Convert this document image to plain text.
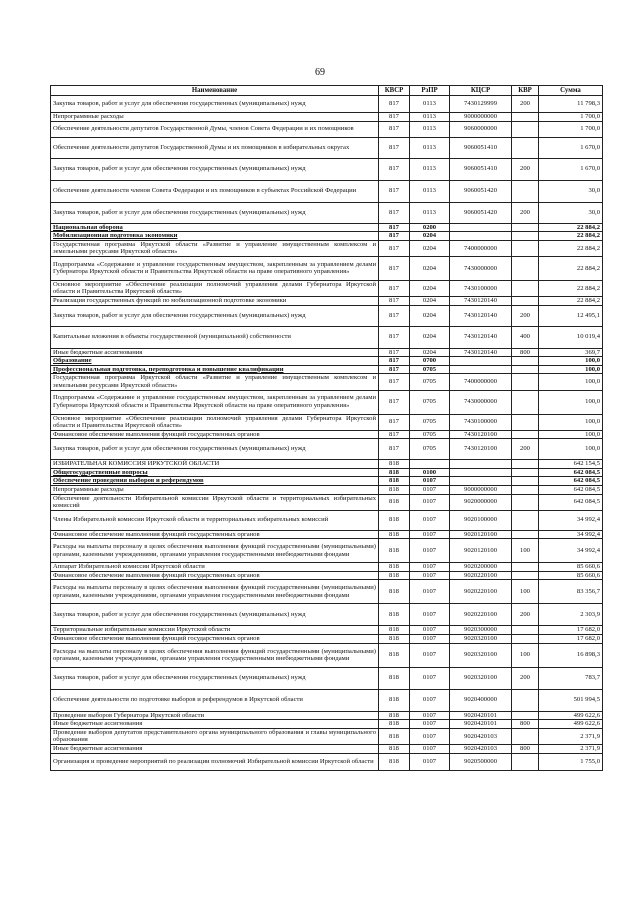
69
Наименование	КВСР	РзПР	КЦСР	КВР	Сумма
Закупка товаров, работ и услуг для обеспечения государственных (муниципальных) нужд	817	0113	7430129999	200	11 798,3
Непрограммные расходы	817	0113	9000000000		1 700,0
Обеспечение деятельности депутатов Государственной Думы, членов Совета Федерации и их помощников	817	0113	9060000000		1 700,0
Обеспечение деятельности депутатов Государственной Думы и их помощников в избирательных округах	817	0113	9060051410		1 670,0
Закупка товаров, работ и услуг для обеспечения государственных (муниципальных) нужд	817	0113	9060051410	200	1 670,0
Обеспечение деятельности членов Совета Федерации и их помощников в субъектах Российской Федерации	817	0113	9060051420		30,0
Закупка товаров, работ и услуг для обеспечения государственных (муниципальных) нужд	817	0113	9060051420	200	30,0
Национальная оборона	817	0200			22 884,2
Мобилизационная подготовка экономики	817	0204			22 884,2
Государственная программа Иркутской области «Развитие и управление имущественным комплексом и земельными ресурсами Иркутской области»	817	0204	7400000000		22 884,2
Подпрограмма «Содержание и управление государственным имуществом, закрепленным за управлением делами Губернатора Иркутской области и Правительства Иркутской области на праве оперативного управления»	817	0204	7430000000		22 884,2
Основное мероприятие «Обеспечение реализации полномочий управления делами Губернатора Иркутской области и Правительства Иркутской области»	817	0204	7430100000		22 884,2
Реализация государственных функций по мобилизационной подготовке экономики	817	0204	7430120140		22 884,2
Закупка товаров, работ и услуг для обеспечения государственных (муниципальных) нужд	817	0204	7430120140	200	12 495,1
Капитальные вложения в объекты государственной (муниципальной) собственности	817	0204	7430120140	400	10 019,4
Иные бюджетные ассигнования	817	0204	7430120140	800	369,7
Образование	817	0700			100,0
Профессиональная подготовка, переподготовка и повышение квалификации	817	0705			100,0
Государственная программа Иркутской области «Развитие и управление имущественным комплексом и земельными ресурсами Иркутской области»	817	0705	7400000000		100,0
Подпрограмма «Содержание и управление государственным имуществом, закрепленным за управлением делами Губернатора Иркутской области и Правительства Иркутской области на праве оперативного управления»	817	0705	7430000000		100,0
Основное мероприятие «Обеспечение реализации полномочий управления делами Губернатора Иркутской области и Правительства Иркутской области»	817	0705	7430100000		100,0
Финансовое обеспечение выполнения функций государственных органов	817	0705	7430120100		100,0
Закупка товаров, работ и услуг для обеспечения государственных (муниципальных) нужд	817	0705	7430120100	200	100,0
ИЗБИРАТЕЛЬНАЯ КОМИССИЯ ИРКУТСКОЙ ОБЛАСТИ	818				642 154,5
Общегосударственные вопросы	818	0100			642 084,5
Обеспечение проведения выборов и референдумов	818	0107			642 084,5
Непрограммные расходы	818	0107	9000000000		642 084,5
Обеспечение деятельности Избирательной комиссии Иркутской области и территориальных избирательных комиссий	818	0107	9020000000		642 084,5
Члены Избирательной комиссии Иркутской области и территориальных избирательных комиссий	818	0107	9020100000		34 992,4
Финансовое обеспечение выполнения функций государственных органов	818	0107	9020120100		34 992,4
Расходы на выплаты персоналу в целях обеспечения выполнения функций государственными (муниципальными) органами, казенными учреждениями, органами управления государственными внебюджетными фондами	818	0107	9020120100	100	34 992,4
Аппарат Избирательной комиссии Иркутской области	818	0107	9020200000		85 660,6
Финансовое обеспечение выполнения функций государственных органов	818	0107	9020220100		85 660,6
Расходы на выплаты персоналу в целях обеспечения выполнения функций государственными (муниципальными) органами, казенными учреждениями, органами управления государственными внебюджетными фондами	818	0107	9020220100	100	83 356,7
Закупка товаров, работ и услуг для обеспечения государственных (муниципальных) нужд	818	0107	9020220100	200	2 303,9
Территориальные избирательные комиссии Иркутской области	818	0107	9020300000		17 682,0
Финансовое обеспечение выполнения функций государственных органов	818	0107	9020320100		17 682,0
Расходы на выплаты персоналу в целях обеспечения выполнения функций государственными (муниципальными) органами, казенными учреждениями, органами управления государственными внебюджетными фондами	818	0107	9020320100	100	16 898,3
Закупка товаров, работ и услуг для обеспечения государственных (муниципальных) нужд	818	0107	9020320100	200	783,7
Обеспечение деятельности по подготовке выборов и референдумов в Иркутской области	818	0107	9020400000		501 994,5
Проведение выборов Губернатора Иркутской области	818	0107	9020420101		499 622,6
Иные бюджетные ассигнования	818	0107	9020420101	800	499 622,6
Проведение выборов депутатов представительного органа муниципального образования и главы муниципального образования	818	0107	9020420103		2 371,9
Иные бюджетные ассигнования	818	0107	9020420103	800	2 371,9
Организация и проведение мероприятий по реализации полномочий Избирательной комиссии Иркутской области	818	0107	9020500000		1 755,0
